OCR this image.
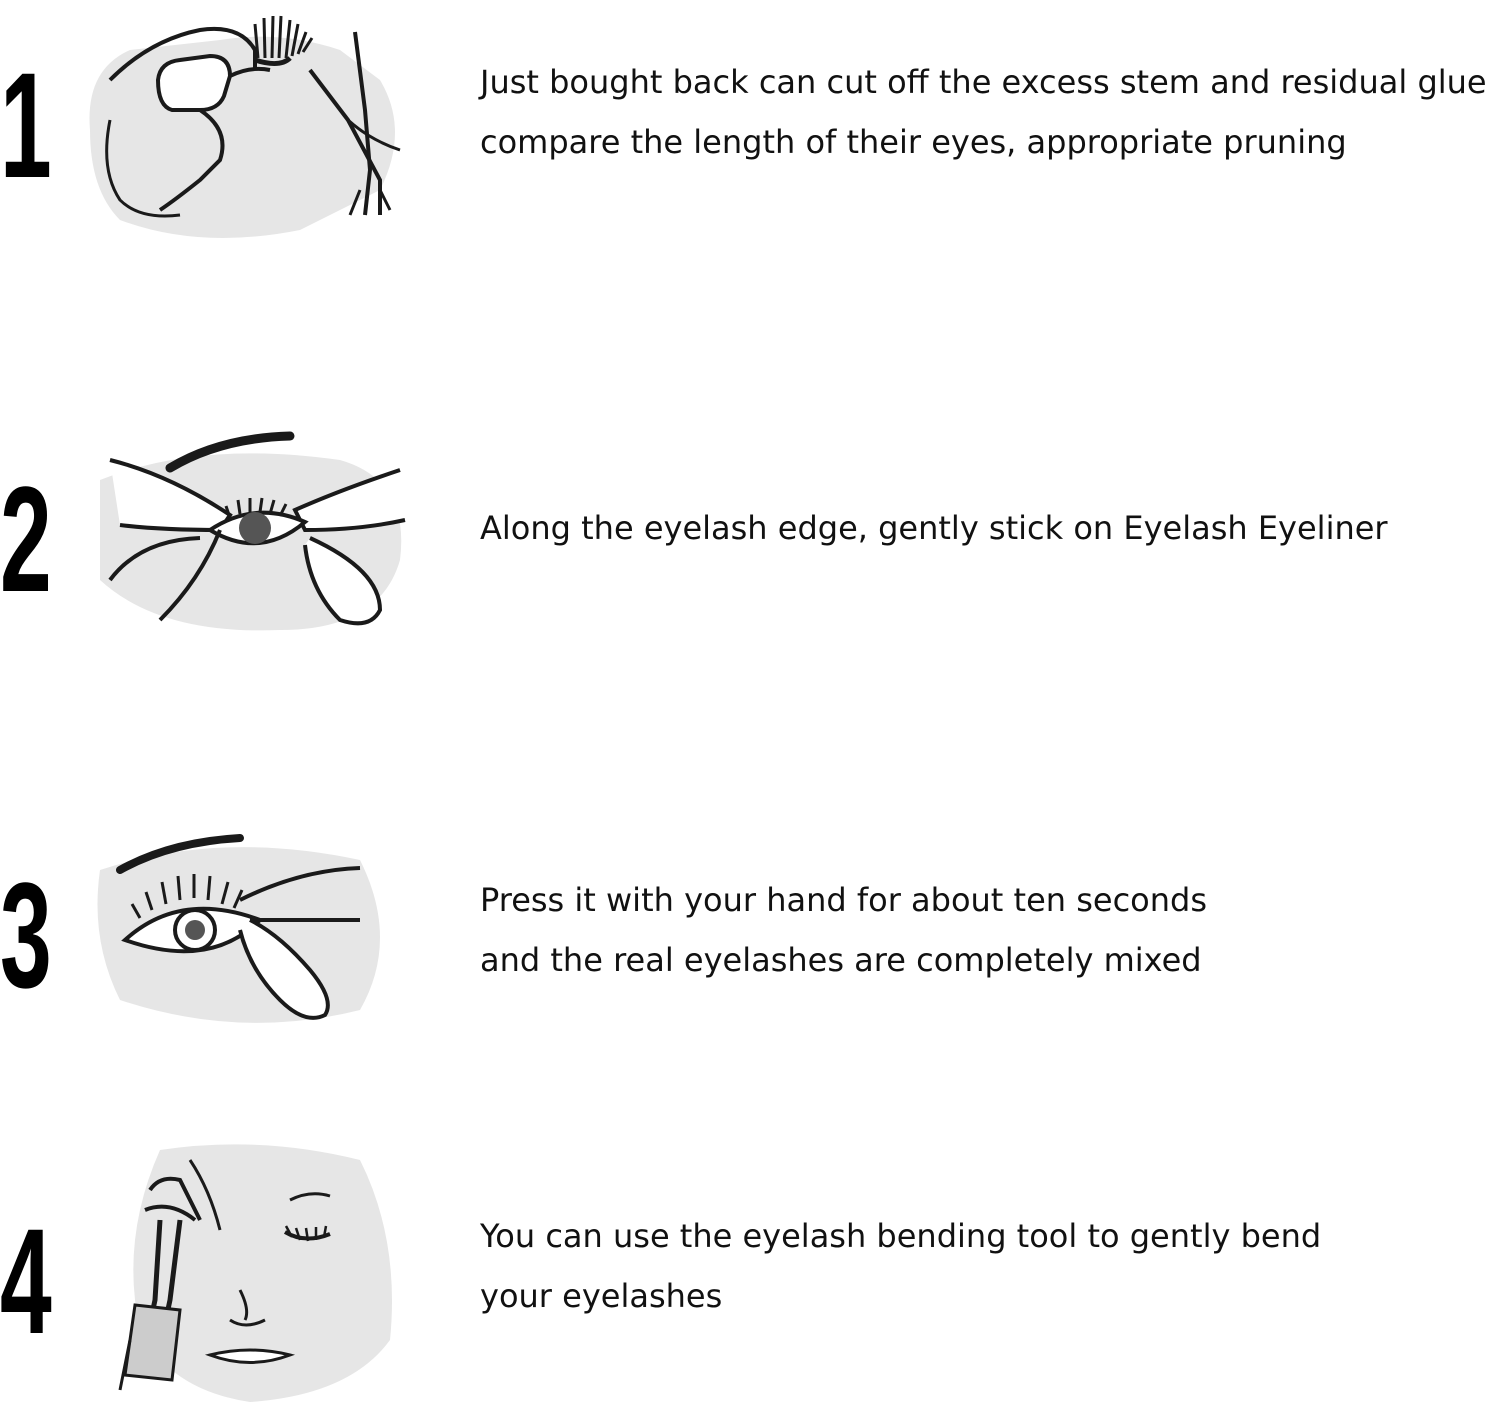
1	Just bought back can cut off the excess stem and residual glue
compare the length of their eyes, appropriate pruning
2	Along the eyelash edge, gently stick on Eyelash Eyeliner
3	Press it with your hand for about ten seconds
and the real eyelashes are completely mixed
4	You can use the eyelash bending tool to gently bend
your eyelashes
